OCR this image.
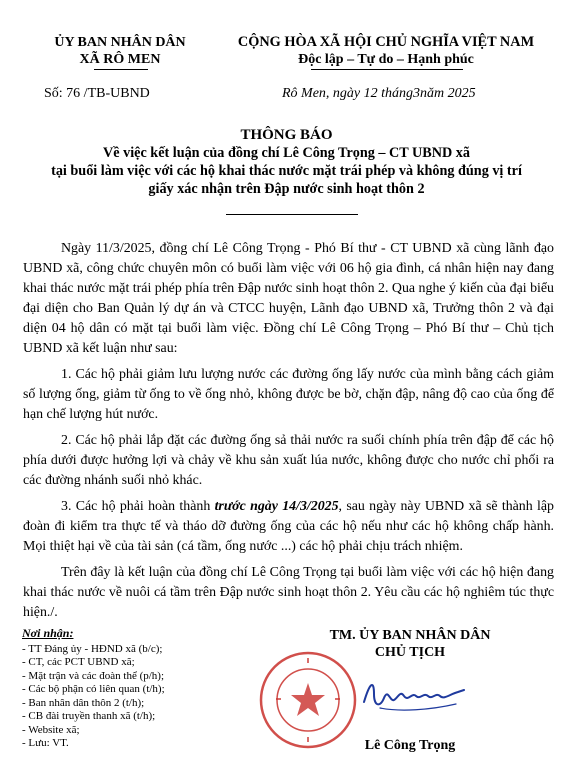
ỦY BAN NHÂN DÂN
XÃ RÔ MEN
CỘNG HÒA XÃ HỘI CHỦ NGHĨA VIỆT NAM
Độc lập – Tự do – Hạnh phúc
Số: 76 /TB-UBND	Rô Men, ngày 12 tháng3năm 2025
THÔNG BÁO
Về việc kết luận của đồng chí Lê Công Trọng – CT UBND xã
tại buổi làm việc với các hộ khai thác nước mặt trái phép và không đúng vị trí
giấy xác nhận trên Đập nước sinh hoạt thôn 2

Ngày 11/3/2025, đồng chí Lê Công Trọng - Phó Bí thư - CT UBND xã cùng lãnh đạo UBND xã, công chức chuyên môn có buổi làm việc với 06 hộ gia đình, cá nhân hiện nay đang khai thác nước mặt trái phép phía trên Đập nước sinh hoạt thôn 2. Qua nghe ý kiến của đại biểu đại diện cho Ban Quản lý dự án và CTCC huyện, Lãnh đạo UBND xã, Trưởng thôn 2 và đại diện 04 hộ dân có mặt tại buổi làm việc. Đồng chí Lê Công Trọng – Phó Bí thư – Chủ tịch UBND xã kết luận như sau:

1. Các hộ phải giảm lưu lượng nước các đường ống lấy nước của mình bằng cách giảm số lượng ống, giảm từ ống to về ống nhỏ, không được be bờ, chặn đập, nâng độ cao của ống để hạn chế lượng hút nước.

2. Các hộ phải lắp đặt các đường ống sả thải nước ra suối chính phía trên đập để các hộ phía dưới được hưởng lợi và chảy về khu sản xuất lúa nước, không được cho nước chỉ phối ra các đường nhánh suối nhỏ khác.

3. Các hộ phải hoàn thành trước ngày 14/3/2025, sau ngày này UBND xã sẽ thành lập đoàn đi kiểm tra thực tế và tháo dỡ đường ống của các hộ nếu như các hộ không chấp hành. Mọi thiệt hại về của tài sản (cá tầm, ống nước ...) các hộ phải chịu trách nhiệm.

Trên đây là kết luận của đồng chí Lê Công Trọng tại buổi làm việc với các hộ hiện đang khai thác nước về nuôi cá tầm trên Đập nước sinh hoạt thôn 2. Yêu cầu các hộ nghiêm túc thực hiện./.

Nơi nhận:
- TT Đảng ủy - HĐND xã (b/c);
- CT, các PCT UBND xã;
- Mặt trận và các đoàn thể (p/h);
- Các bộ phận có liên quan (t/h);
- Ban nhân dân thôn 2 (t/h);
- CB đài truyền thanh xã (t/h);
- Website xã;
- Lưu: VT.
TM. ỦY BAN NHÂN DÂN
CHỦ TỊCH
Lê Công Trọng
